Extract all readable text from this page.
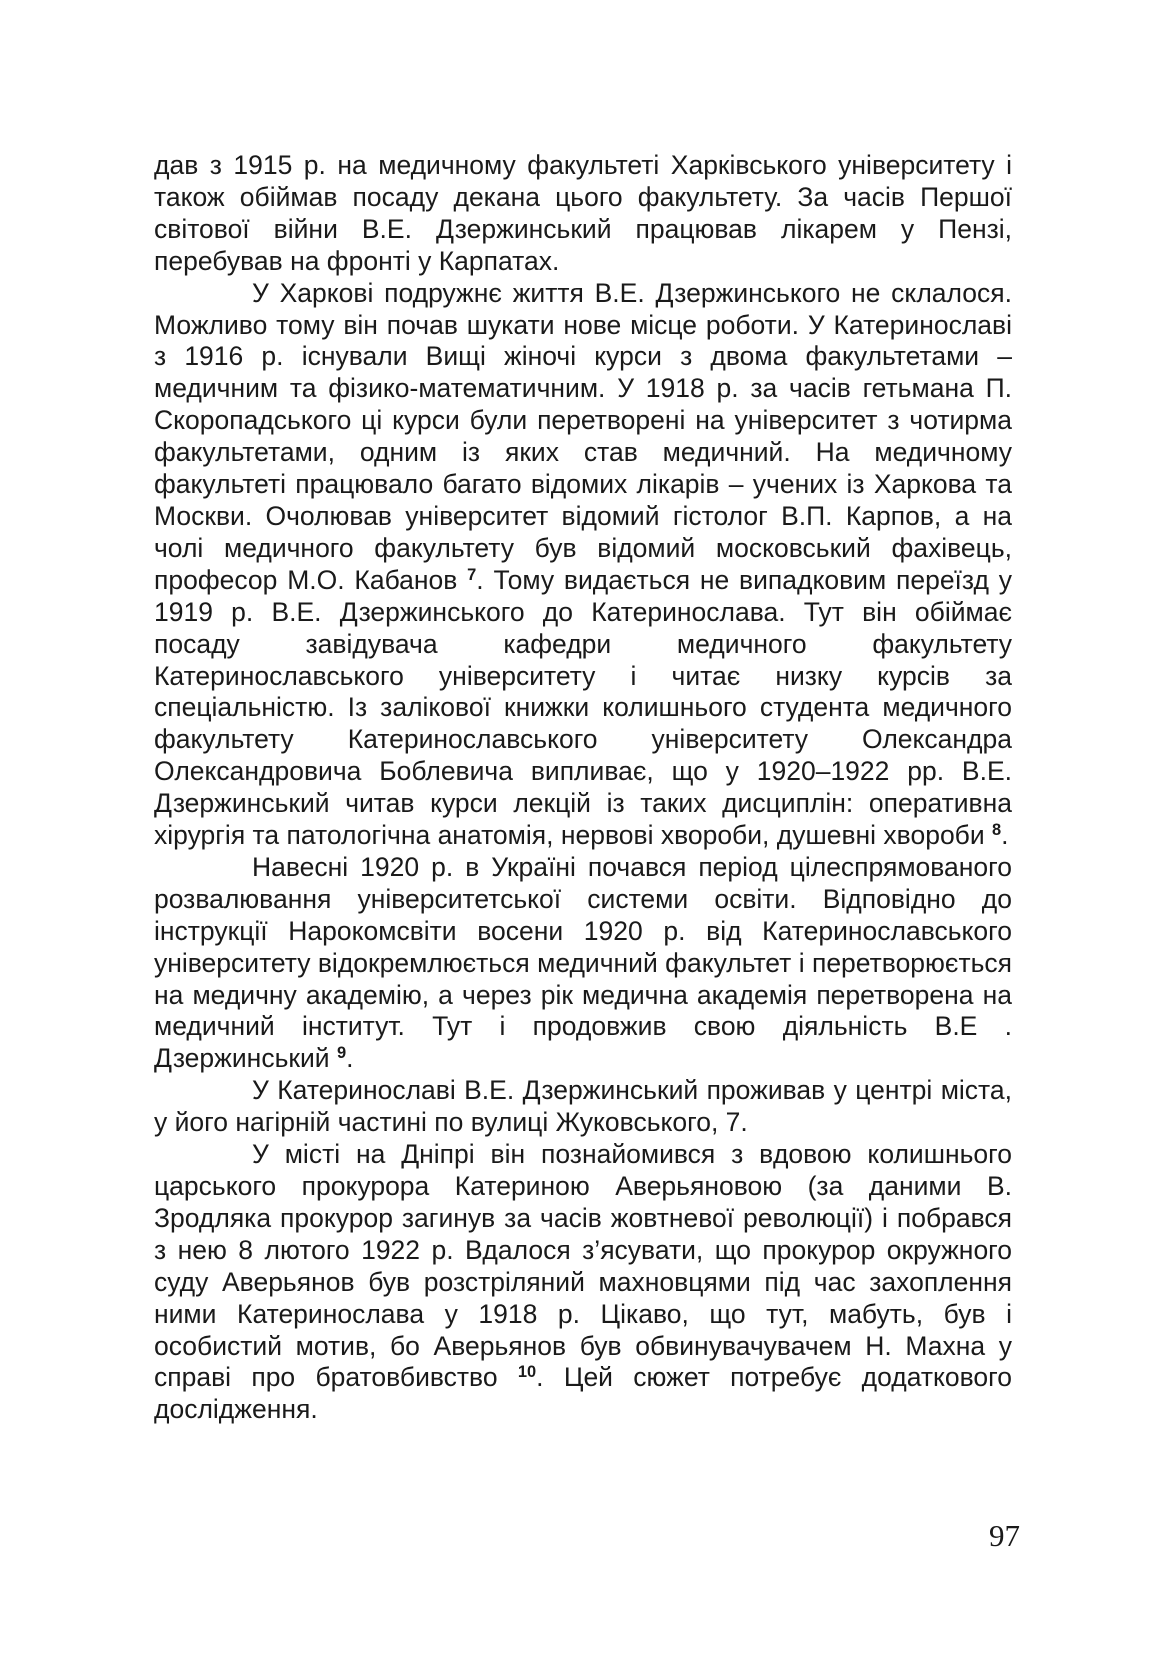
дав з 1915 р. на медичному факультеті Харківського університету і також обіймав посаду декана цього факультету. За часів Першої світової війни В.Е. Дзержинський працював лікарем у Пензі, перебував на фронті у Карпатах.

У Харкові подружнє життя В.Е. Дзержинського не склалося. Можливо тому він почав шукати нове місце роботи. У Катеринославі з 1916 р. існували Вищі жіночі курси з двома факультетами – медичним та фізико-математичним. У 1918 р. за часів гетьмана П. Скоропадського ці курси були перетворені на університет з чотирма факультетами, одним із яких став медичний. На медичному факультеті працювало багато відомих лікарів – учених із Харкова та Москви. Очолював університет відомий гістолог В.П. Карпов, а на чолі медичного факультету був відомий московський фахівець, професор М.О. Кабанов $^7$. Тому видається не випадковим переїзд у 1919 р. В.Е. Дзержинського до Катеринослава. Тут він обіймає посаду завідувача кафедри медичного факультету Катеринославського університету і читає низку курсів за спеціальністю. Із залікової книжки колишнього студента медичного факультету Катеринославського університету Олександра Олександровича Боблевича випливає, що у 1920–1922 рр. В.Е. Дзержинський читав курси лекцій із таких дисциплін: оперативна хірургія та патологічна анатомія, нервові хвороби, душевні хвороби $^8$.

Навесні 1920 р. в Україні почався період цілеспрямованого розвалювання університетської системи освіти. Відповідно до інструкції Нарокомсвіти восени 1920 р. від Катеринославського університету відокремлюється медичний факультет і перетворюється на медичну академію, а через рік медична академія перетворена на медичний інститут. Тут і продовжив свою діяльність В.Е . Дзержинський $^9$.

У Катеринославі В.Е. Дзержинський проживав у центрі міста, у його нагірній частині по вулиці Жуковського, 7.

У місті на Дніпрі він познайомився з вдовою колишнього царського прокурора Катериною Аверьяновою (за даними В. Зродляка прокурор загинув за часів жовтневої революції) і побрався з нею 8 лютого 1922 р. Вдалося з’ясувати, що прокурор окружного суду Аверьянов був розстріляний махновцями під час захоплення ними Катеринослава у 1918 р. Цікаво, що тут, мабуть, був і особистий мотив, бо Аверьянов був обвинувачувачем Н. Махна у справі про братовбивство $^{10}$. Цей сюжет потребує додаткового дослідження.

97
